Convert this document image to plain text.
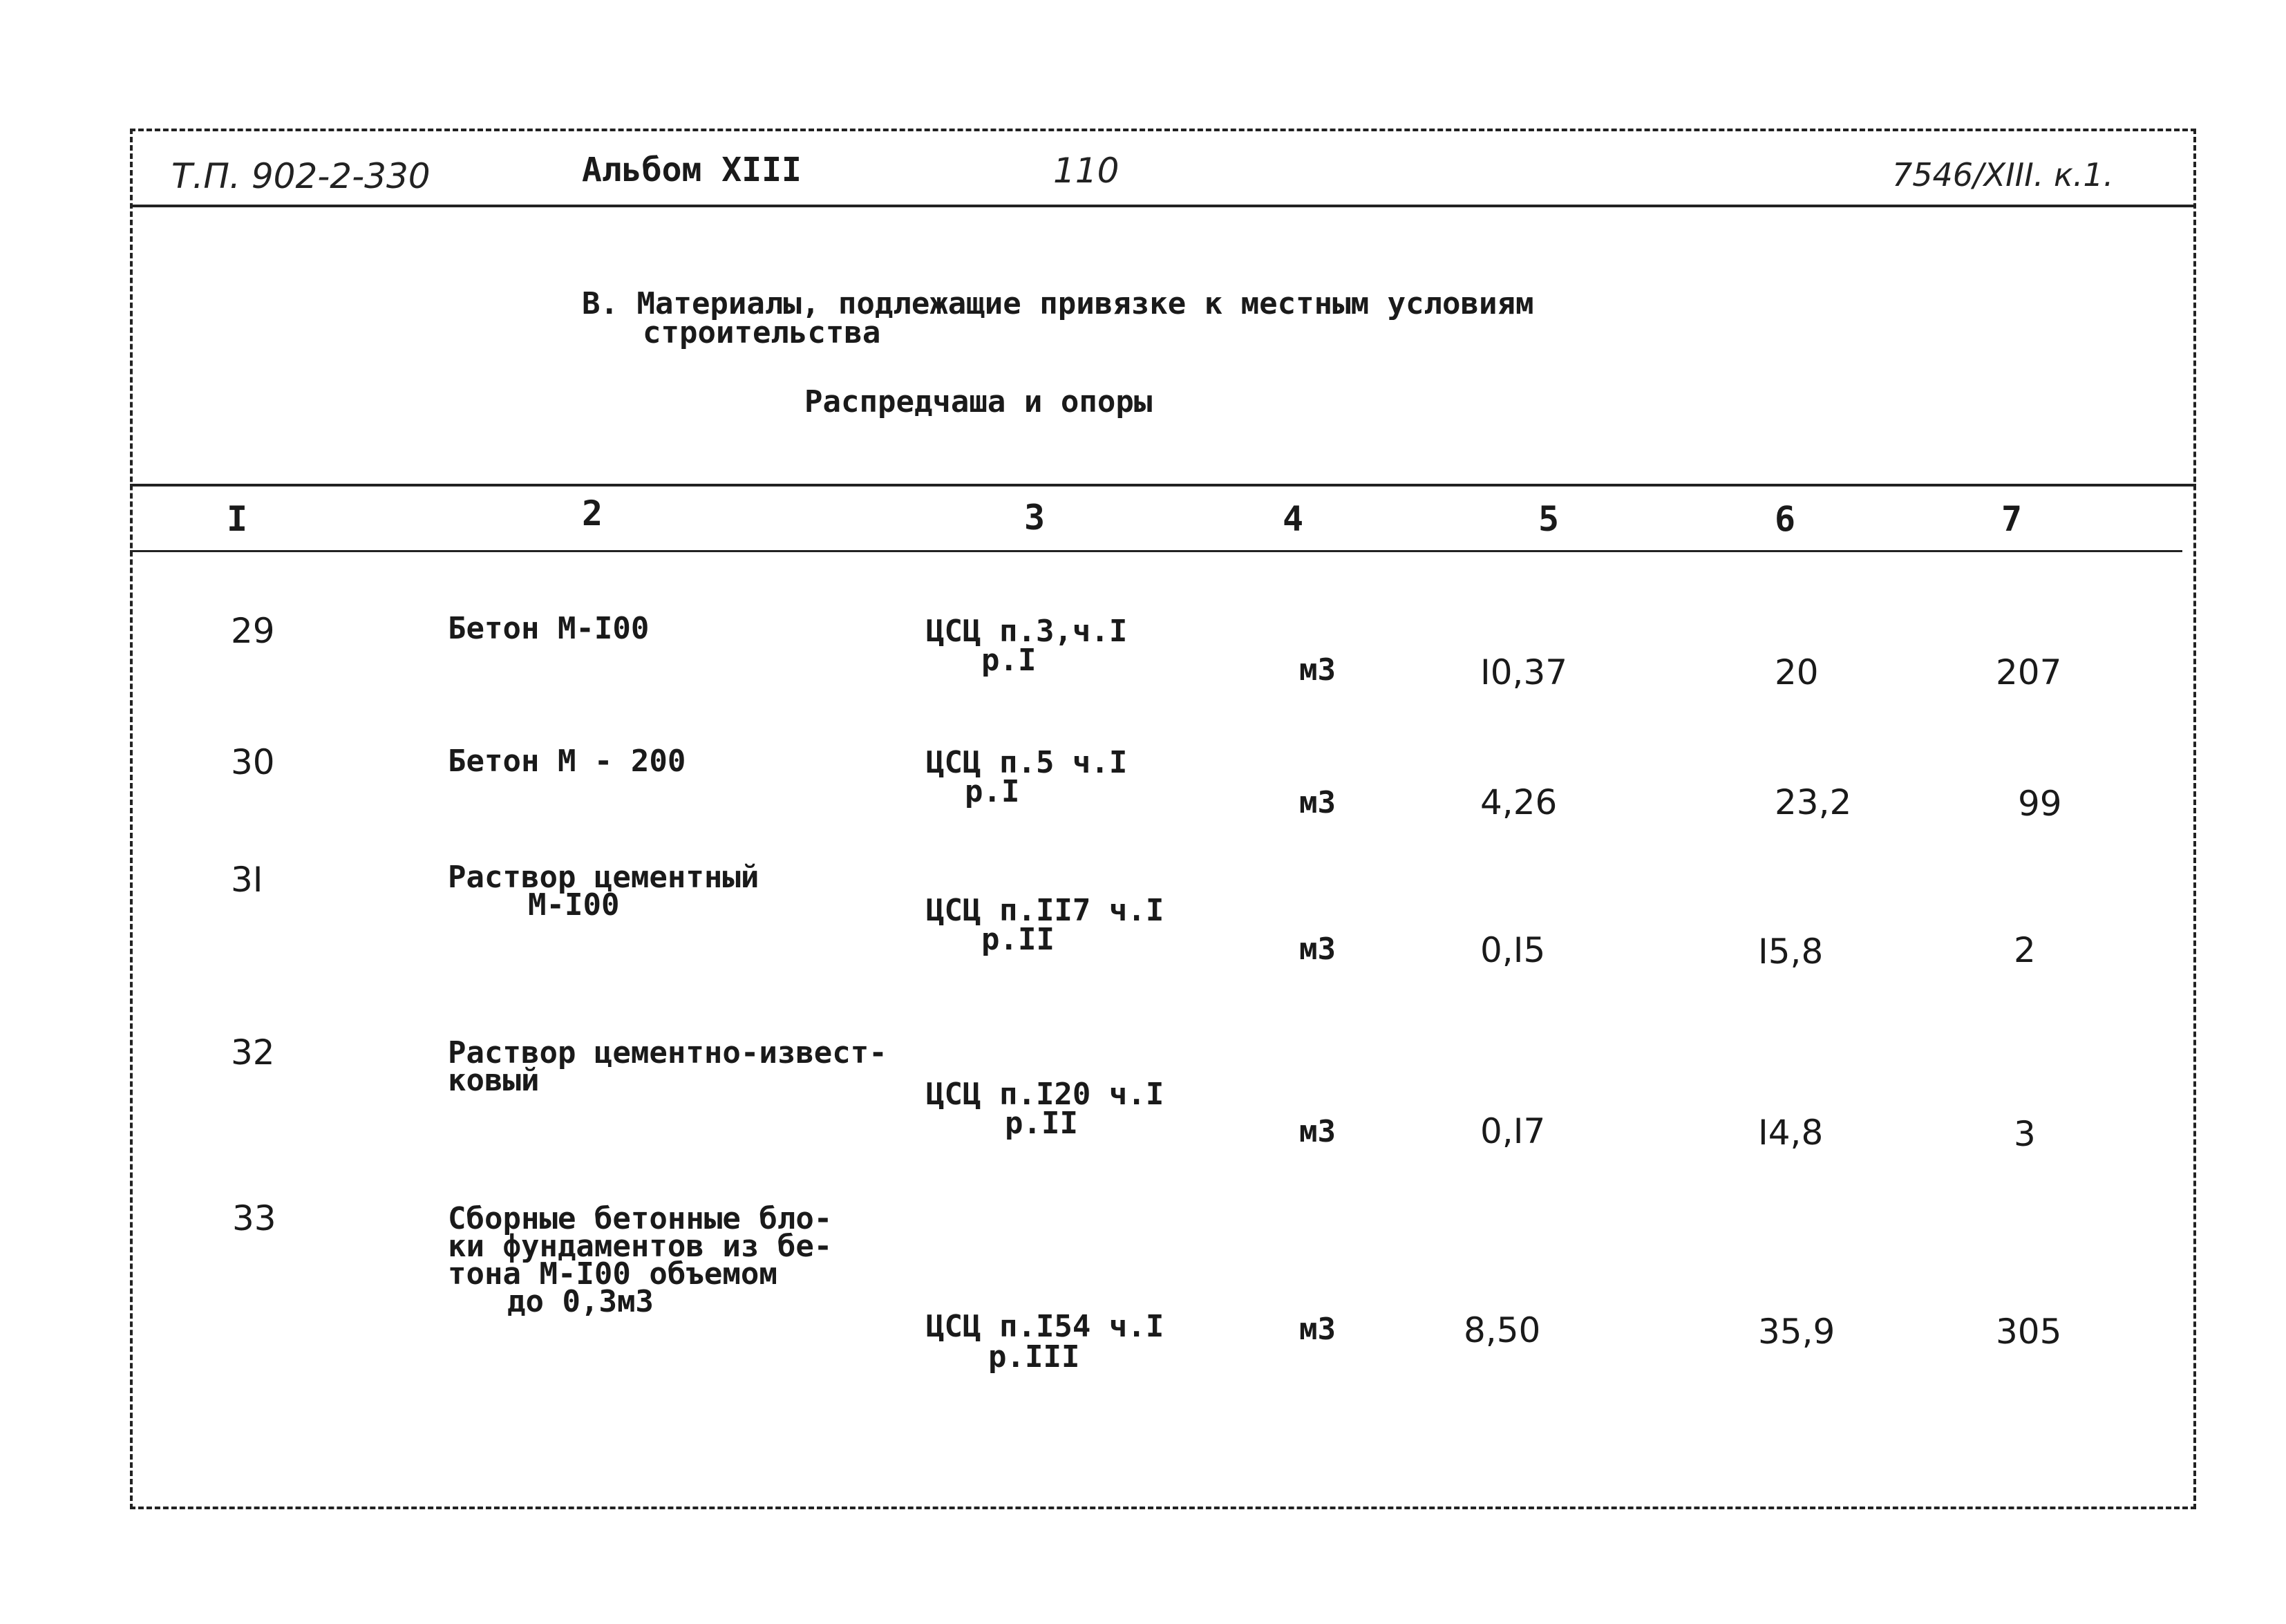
Т.П. 902-2-330	Альбом XIII	110	7546/XIII. к.1.
В. Материалы, подлежащие привязке к местным условиям
строительства
Распредчаша и опоры
I	2	3	4	5	6	7
29	Бетон М-I00	ЦСЦ п.3,ч.I
р.I	м3	I0,37	20	207
30	Бетон М - 200	ЦСЦ п.5 ч.I
р.I	м3	4,26	23,2	99
3I	Раствор цементный
М-I00	ЦСЦ п.II7 ч.I
р.II	м3	0,I5	I5,8	2
32	Раствор цементно-извест-
ковый	ЦСЦ п.I20 ч.I
р.II	м3	0,I7	I4,8	3
33	Сборные бетонные бло-
ки фундаментов из бе-
тона М-I00 объемом
до 0,3м3
ЦСЦ п.I54 ч.I
р.III
м3	8,50	35,9	305
